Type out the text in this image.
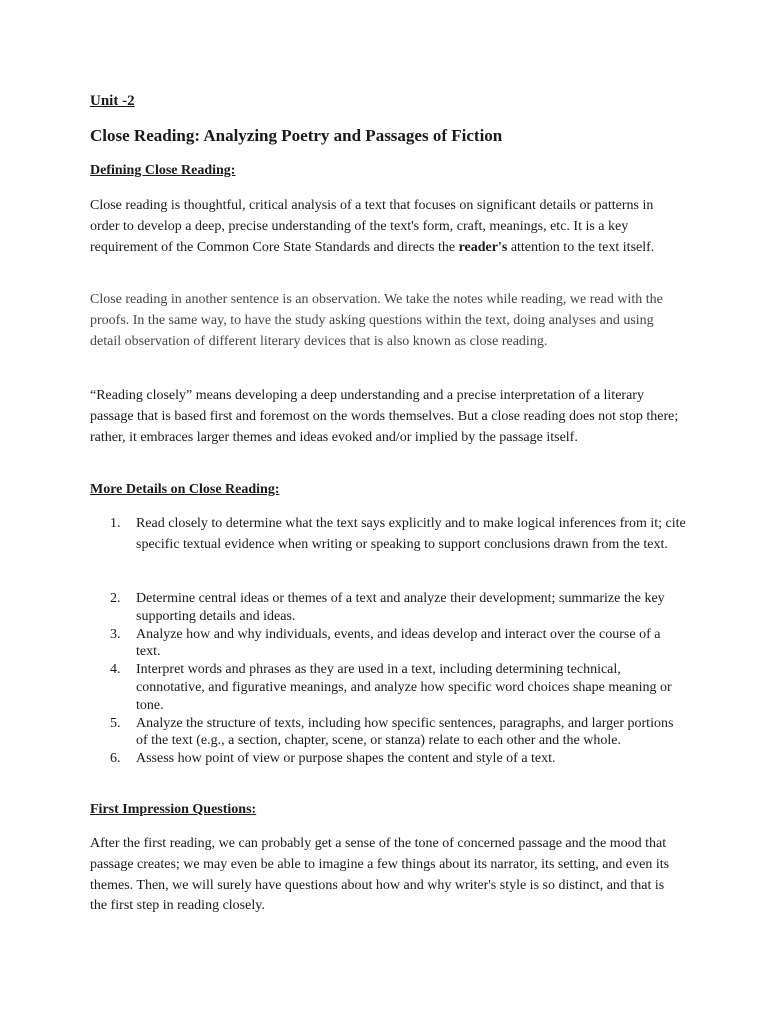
Unit -2
Close Reading: Analyzing Poetry and Passages of Fiction
Defining Close Reading:

Close reading is thoughtful, critical analysis of a text that focuses on significant details or patterns in order to develop a deep, precise understanding of the text's form, craft, meanings, etc. It is a key requirement of the Common Core State Standards and directs the reader's attention to the text itself.

Close reading in another sentence is an observation. We take the notes while reading, we read with the proofs. In the same way, to have the study asking questions within the text, doing analyses and using detail observation of different literary devices that is also known as close reading.

“Reading closely” means developing a deep understanding and a precise interpretation of a literary passage that is based first and foremost on the words themselves. But a close reading does not stop there; rather, it embraces larger themes and ideas evoked and/or implied by the passage itself.

More Details on Close Reading:
1. Read closely to determine what the text says explicitly and to make logical inferences from it; cite specific textual evidence when writing or speaking to support conclusions drawn from the text.
2. Determine central ideas or themes of a text and analyze their development; summarize the key supporting details and ideas.
3. Analyze how and why individuals, events, and ideas develop and interact over the course of a text.
4. Interpret words and phrases as they are used in a text, including determining technical, connotative, and figurative meanings, and analyze how specific word choices shape meaning or tone.
5. Analyze the structure of texts, including how specific sentences, paragraphs, and larger portions of the text (e.g., a section, chapter, scene, or stanza) relate to each other and the whole.
6. Assess how point of view or purpose shapes the content and style of a text.
First Impression Questions:

After the first reading, we can probably get a sense of the tone of concerned passage and the mood that passage creates; we may even be able to imagine a few things about its narrator, its setting, and even its themes. Then, we will surely have questions about how and why writer's style is so distinct, and that is the first step in reading closely.
